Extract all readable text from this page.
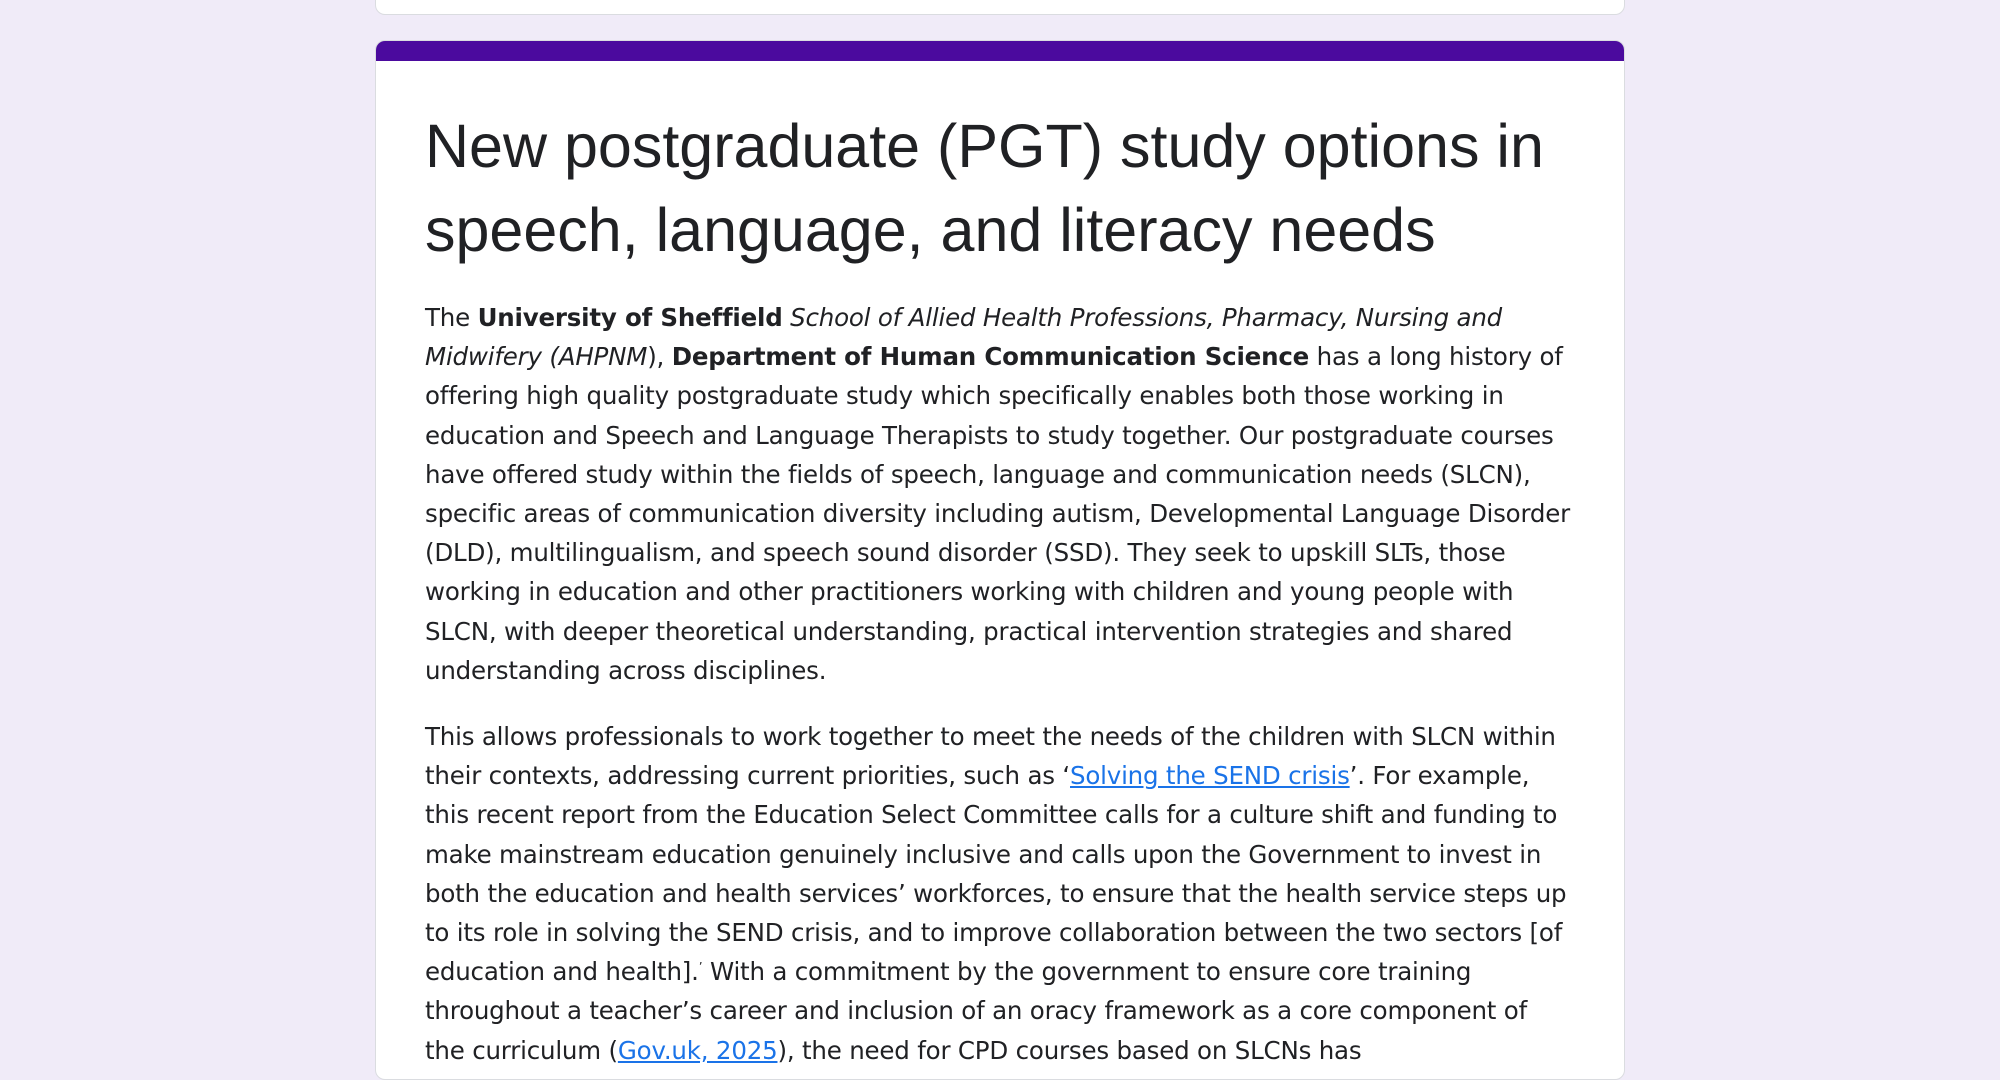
New postgraduate (PGT) study options in speech, language, and literacy needs

The University of Sheffield School of Allied Health Professions, Pharmacy, Nursing and Midwifery (AHPNM), Department of Human Communication Science has a long history of offering high quality postgraduate study which specifically enables both those working in education and Speech and Language Therapists to study together. Our postgraduate courses have offered study within the fields of speech, language and communication needs (SLCN), specific areas of communication diversity including autism, Developmental Language Disorder (DLD), multilingualism, and speech sound disorder (SSD). They seek to upskill SLTs, those working in education and other practitioners working with children and young people with SLCN, with deeper theoretical understanding, practical intervention strategies and shared understanding across disciplines.

This allows professionals to work together to meet the needs of the children with SLCN within their contexts, addressing current priorities, such as ‘Solving the SEND crisis’. For example, this recent report from the Education Select Committee calls for a culture shift and funding to make mainstream education genuinely inclusive and calls upon the Government to invest in both the education and health services’ workforces, to ensure that the health service steps up to its role in solving the SEND crisis, and to improve collaboration between the two sectors [of education and health].’ With a commitment by the government to ensure core training throughout a teacher’s career and inclusion of an oracy framework as a core component of the curriculum (Gov.uk, 2025), the need for CPD courses based on SLCNs has
